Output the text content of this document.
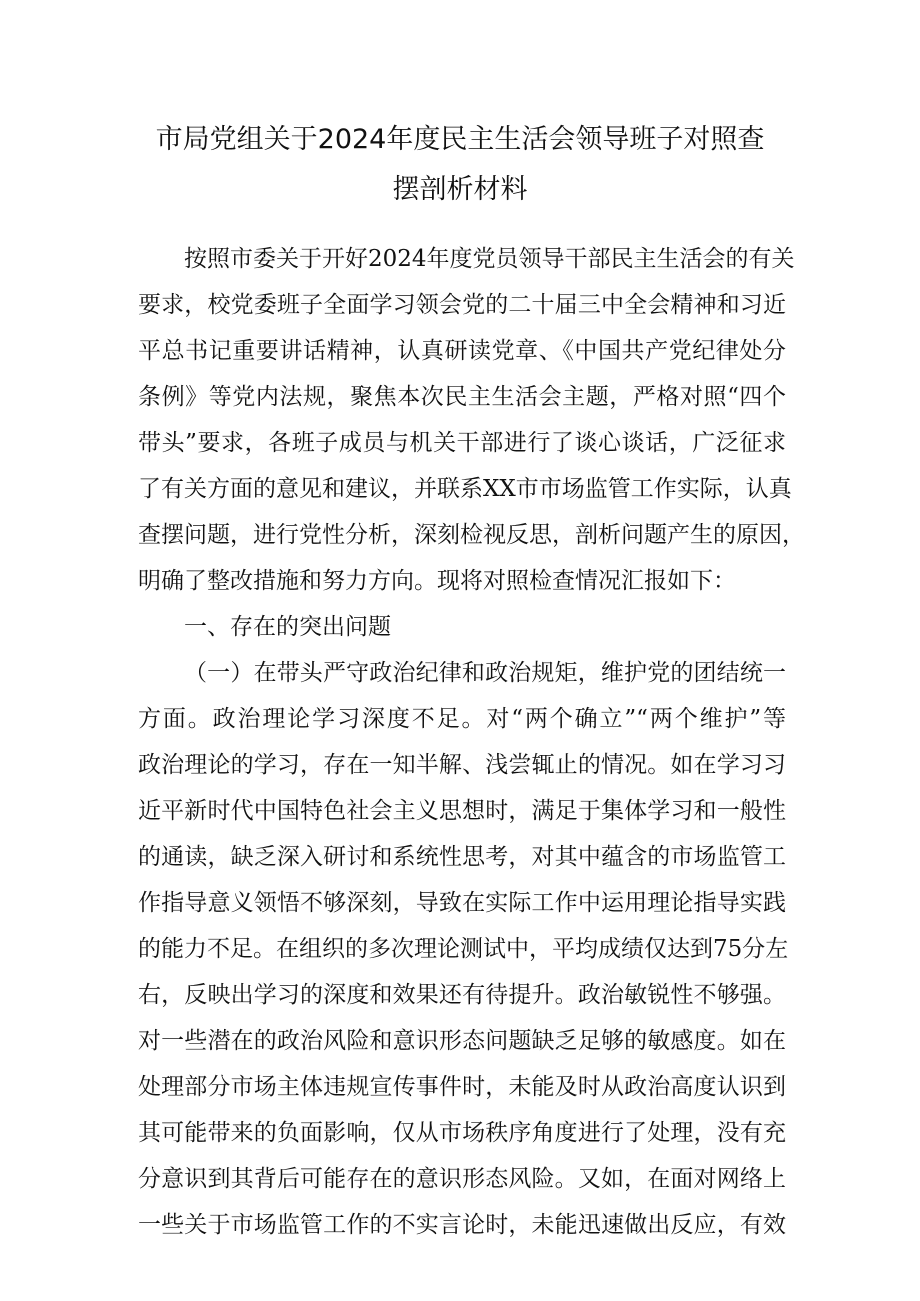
市局党组关于2024年度民主生活会领导班子对照查
摆剖析材料
按照市委关于开好2024年度党员领导干部民主生活会的有关
要求，校党委班子全面学习领会党的二十届三中全会精神和习近
平总书记重要讲话精神，认真研读党章、《中国共产党纪律处分
条例》等党内法规，聚焦本次民主生活会主题，严格对照“四个
带头”要求，各班子成员与机关干部进行了谈心谈话，广泛征求
了有关方面的意见和建议，并联系XX市市场监管工作实际，认真
查摆问题，进行党性分析，深刻检视反思，剖析问题产生的原因，
明确了整改措施和努力方向。现将对照检查情况汇报如下：
一、存在的突出问题
（一）在带头严守政治纪律和政治规矩，维护党的团结统一
方面。政治理论学习深度不足。对“两个确立”“两个维护”等
政治理论的学习，存在一知半解、浅尝辄止的情况。如在学习习
近平新时代中国特色社会主义思想时，满足于集体学习和一般性
的通读，缺乏深入研讨和系统性思考，对其中蕴含的市场监管工
作指导意义领悟不够深刻，导致在实际工作中运用理论指导实践
的能力不足。在组织的多次理论测试中，平均成绩仅达到75分左
右，反映出学习的深度和效果还有待提升。政治敏锐性不够强。
对一些潜在的政治风险和意识形态问题缺乏足够的敏感度。如在
处理部分市场主体违规宣传事件时，未能及时从政治高度认识到
其可能带来的负面影响，仅从市场秩序角度进行了处理，没有充
分意识到其背后可能存在的意识形态风险。又如，在面对网络上
一些关于市场监管工作的不实言论时，未能迅速做出反应，有效
